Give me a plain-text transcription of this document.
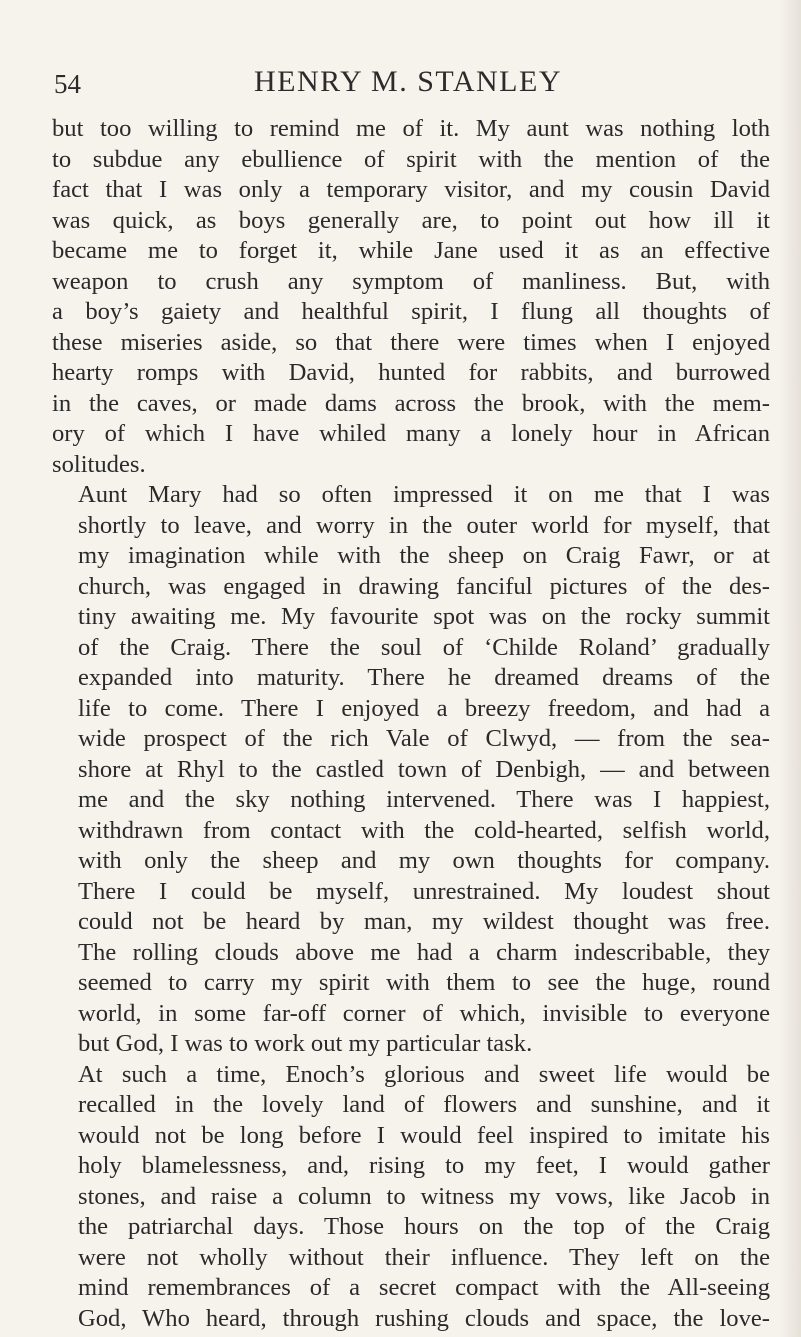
54	HENRY M. STANLEY

but too willing to remind me of it. My aunt was nothing loth
to subdue any ebullience of spirit with the mention of the
fact that I was only a temporary visitor, and my cousin David
was quick, as boys generally are, to point out how ill it
became me to forget it, while Jane used it as an effective
weapon to crush any symptom of manliness. But, with
a boy’s gaiety and healthful spirit, I flung all thoughts of
these miseries aside, so that there were times when I enjoyed
hearty romps with David, hunted for rabbits, and burrowed
in the caves, or made dams across the brook, with the mem-
ory of which I have whiled many a lonely hour in African
solitudes.

Aunt Mary had so often impressed it on me that I was
shortly to leave, and worry in the outer world for myself, that
my imagination while with the sheep on Craig Fawr, or at
church, was engaged in drawing fanciful pictures of the des-
tiny awaiting me. My favourite spot was on the rocky summit
of the Craig. There the soul of ‘Childe Roland’ gradually
expanded into maturity. There he dreamed dreams of the
life to come. There I enjoyed a breezy freedom, and had a
wide prospect of the rich Vale of Clwyd, — from the sea-
shore at Rhyl to the castled town of Denbigh, — and between
me and the sky nothing intervened. There was I happiest,
withdrawn from contact with the cold-hearted, selfish world,
with only the sheep and my own thoughts for company.
There I could be myself, unrestrained. My loudest shout
could not be heard by man, my wildest thought was free.
The rolling clouds above me had a charm indescribable, they
seemed to carry my spirit with them to see the huge, round
world, in some far-off corner of which, invisible to everyone
but God, I was to work out my particular task.

At such a time, Enoch’s glorious and sweet life would be
recalled in the lovely land of flowers and sunshine, and it
would not be long before I would feel inspired to imitate his
holy blamelessness, and, rising to my feet, I would gather
stones, and raise a column to witness my vows, like Jacob in
the patriarchal days. Those hours on the top of the Craig
were not wholly without their influence. They left on the
mind remembrances of a secret compact with the All-seeing
God, Who heard, through rushing clouds and space, the love-
